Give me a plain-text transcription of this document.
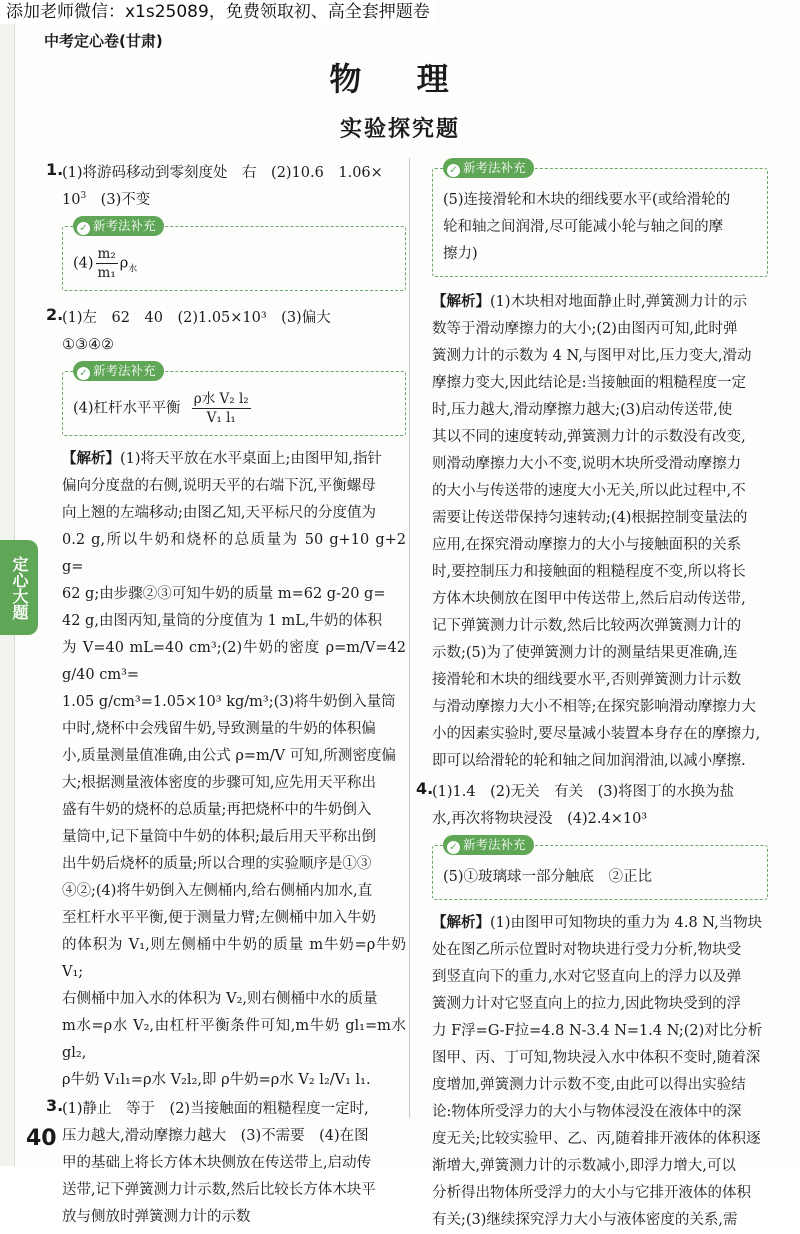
添加老师微信：x1s25089，免费领取初、高全套押题卷
中考定心卷(甘肃)
物 理
实验探究题
定心大题
1.

(1)将游码移动到零刻度处　右　(2)10.6　1.06×

$10^3$　(3)不变

✓ 新考法补充

$(4) \frac{\text{m₂}}{\text{m₁}} \rho_水$

2.

(1)左　62　40　(2)1.05×10³　(3)偏大

①③④②

✓ 新考法补充

(4)杠杆水平平衡 $\frac{\text{ρ水 V₂ l₂}}{\text{V₁ l₁}}$

【解析】(1)将天平放在水平桌面上;由图甲知,指针

偏向分度盘的右侧,说明天平的右端下沉,平衡螺母

向上翘的左端移动;由图乙知,天平标尺的分度值为

0.2 g,所以牛奶和烧杯的总质量为 50 g+10 g+2 g=

62 g;由步骤②③可知牛奶的质量 m=62 g-20 g=

42 g,由图丙知,量筒的分度值为 1 mL,牛奶的体积

为 V=40 mL=40 cm³;(2)牛奶的密度 ρ=m/V=42 g/40 cm³=

1.05 g/cm³=1.05×10³ kg/m³;(3)将牛奶倒入量筒

中时,烧杯中会残留牛奶,导致测量的牛奶的体积偏

小,质量测量值准确,由公式 ρ=m/V 可知,所测密度偏

大;根据测量液体密度的步骤可知,应先用天平称出

盛有牛奶的烧杯的总质量;再把烧杯中的牛奶倒入

量筒中,记下量筒中牛奶的体积;最后用天平称出倒

出牛奶后烧杯的质量;所以合理的实验顺序是①③

④②;(4)将牛奶倒入左侧桶内,给右侧桶内加水,直

至杠杆水平平衡,便于测量力臂;左侧桶中加入牛奶

的体积为 V₁,则左侧桶中牛奶的质量 m牛奶=ρ牛奶 V₁;

右侧桶中加入水的体积为 V₂,则右侧桶中水的质量

m水=ρ水 V₂,由杠杆平衡条件可知,m牛奶 gl₁=m水 gl₂,

ρ牛奶 V₁l₁=ρ水 V₂l₂,即 ρ牛奶=ρ水 V₂ l₂/V₁ l₁.

3.

(1)静止　等于　(2)当接触面的粗糙程度一定时,

压力越大,滑动摩擦力越大　(3)不需要　(4)在图

甲的基础上将长方体木块侧放在传送带上,启动传

送带,记下弹簧测力计示数,然后比较长方体木块平

放与侧放时弹簧测力计的示数

✓ 新考法补充

(5)连接滑轮和木块的细线要水平(或给滑轮的

轮和轴之间润滑,尽可能减小轮与轴之间的摩

擦力)

【解析】(1)木块相对地面静止时,弹簧测力计的示

数等于滑动摩擦力的大小;(2)由图丙可知,此时弹

簧测力计的示数为 4 N,与图甲对比,压力变大,滑动

摩擦力变大,因此结论是:当接触面的粗糙程度一定

时,压力越大,滑动摩擦力越大;(3)启动传送带,使

其以不同的速度转动,弹簧测力计的示数没有改变,

则滑动摩擦力大小不变,说明木块所受滑动摩擦力

的大小与传送带的速度大小无关,所以此过程中,不

需要让传送带保持匀速转动;(4)根据控制变量法的

应用,在探究滑动摩擦力的大小与接触面积的关系

时,要控制压力和接触面的粗糙程度不变,所以将长

方体木块侧放在图甲中传送带上,然后启动传送带,

记下弹簧测力计示数,然后比较两次弹簧测力计的

示数;(5)为了使弹簧测力计的测量结果更准确,连

接滑轮和木块的细线要水平,否则弹簧测力计示数

与滑动摩擦力大小不相等;在探究影响滑动摩擦力大

小的因素实验时,要尽量减小装置本身存在的摩擦力,

即可以给滑轮的轮和轴之间加润滑油,以减小摩擦.

4.

(1)1.4　(2)无关　有关　(3)将图丁的水换为盐

水,再次将物块浸没　(4)2.4×10³

✓ 新考法补充

(5)①玻璃球一部分触底　②正比

【解析】(1)由图甲可知物块的重力为 4.8 N,当物块

处在图乙所示位置时对物块进行受力分析,物块受

到竖直向下的重力,水对它竖直向上的浮力以及弹

簧测力计对它竖直向上的拉力,因此物块受到的浮

力 F浮=G-F拉=4.8 N-3.4 N=1.4 N;(2)对比分析

图甲、丙、丁可知,物块浸入水中体积不变时,随着深

度增加,弹簧测力计示数不变,由此可以得出实验结

论:物体所受浮力的大小与物体浸没在液体中的深

度无关;比较实验甲、乙、丙,随着排开液体的体积逐

渐增大,弹簧测力计的示数减小,即浮力增大,可以

分析得出物体所受浮力的大小与它排开液体的体积

有关;(3)继续探究浮力大小与液体密度的关系,需

40
